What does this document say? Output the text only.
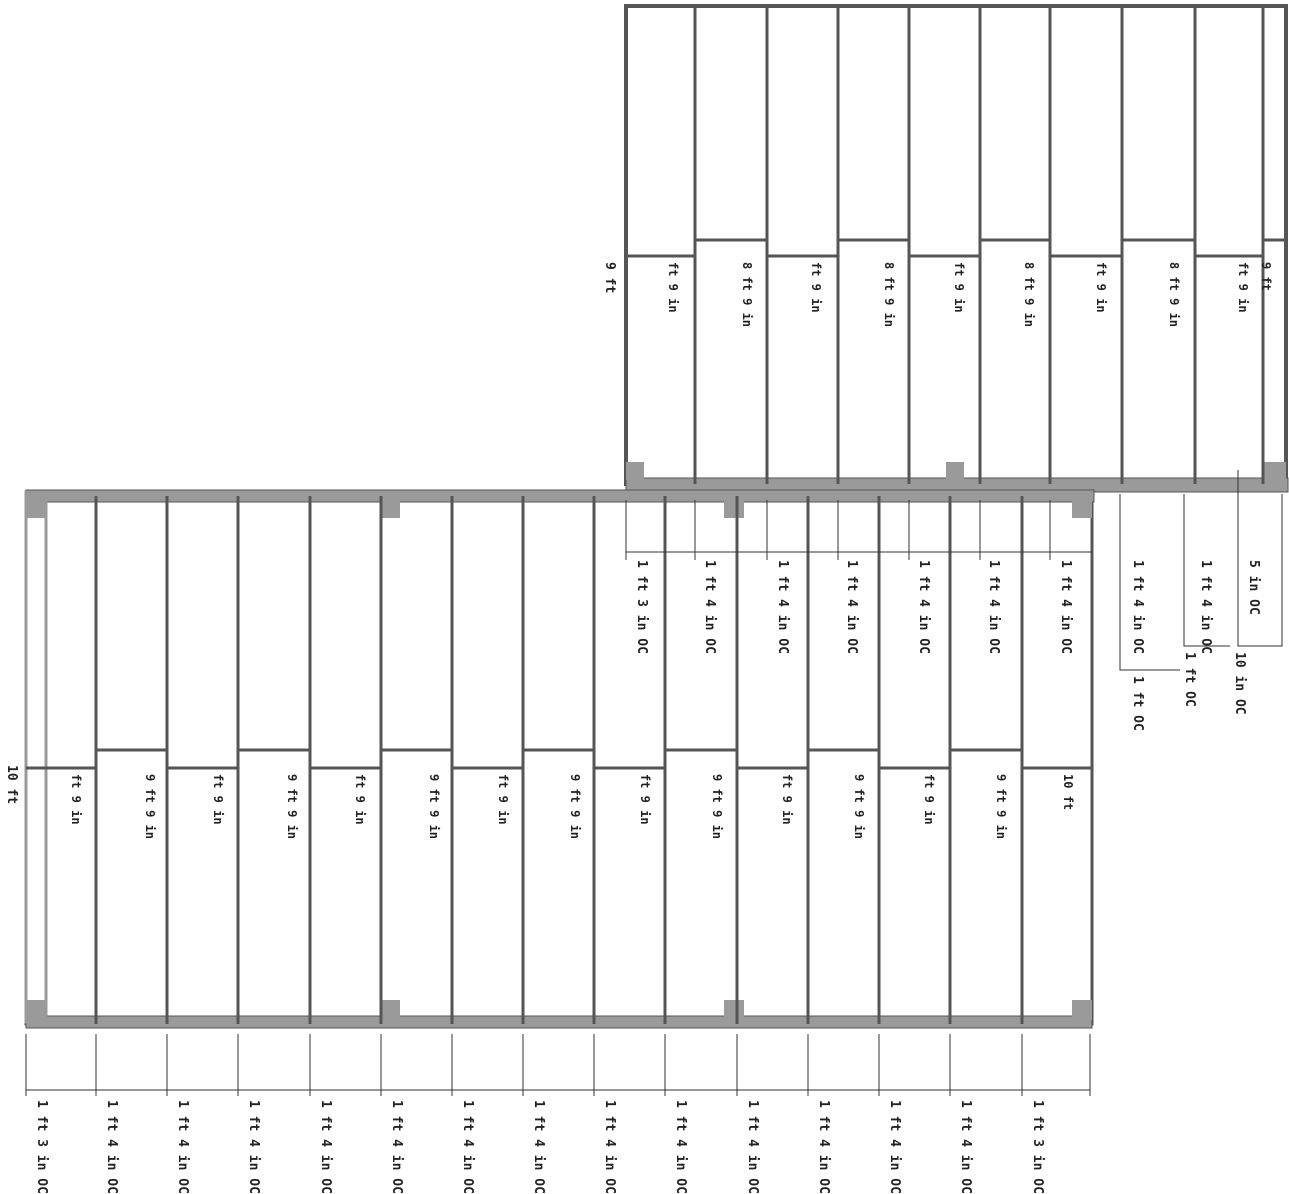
9 ft
10 ft
ft 9 in	8 ft 9 in	ft 9 in	8 ft 9 in	ft 9 in	8 ft 9 in	ft 9 in	8 ft 9 in	ft 9 in 9 ft
ft 9 in	9 ft 9 in	ft 9 in	9 ft 9 in	ft 9 in	9 ft 9 in	ft 9 in	9 ft 9 in	ft 9 in	9 ft 9 in	ft 9 in	9 ft 9 in	ft 9 in	9 ft 9 in	10 ft
1 ft 3 in OC	1 ft 4 in OC	1 ft 4 in OC	1 ft 4 in OC	1 ft 4 in OC	1 ft 4 in OC	1 ft 4 in OC	1 ft 4 in OC	1 ft 4 in OC	1 ft 4 in OC	1 ft 4 in OC	1 ft 4 in OC	1 ft 4 in OC	1 ft 4 in OC	1 ft 3 in OC
1 ft 3 in OC	1 ft 4 in OC	1 ft 4 in OC	1 ft 4 in OC	1 ft 4 in OC	1 ft 4 in OC	1 ft 4 in OC	1 ft 4 in OC	1 ft 4 in OC	5 in OC
1 ft OC	1 ft OC	10 in OC
